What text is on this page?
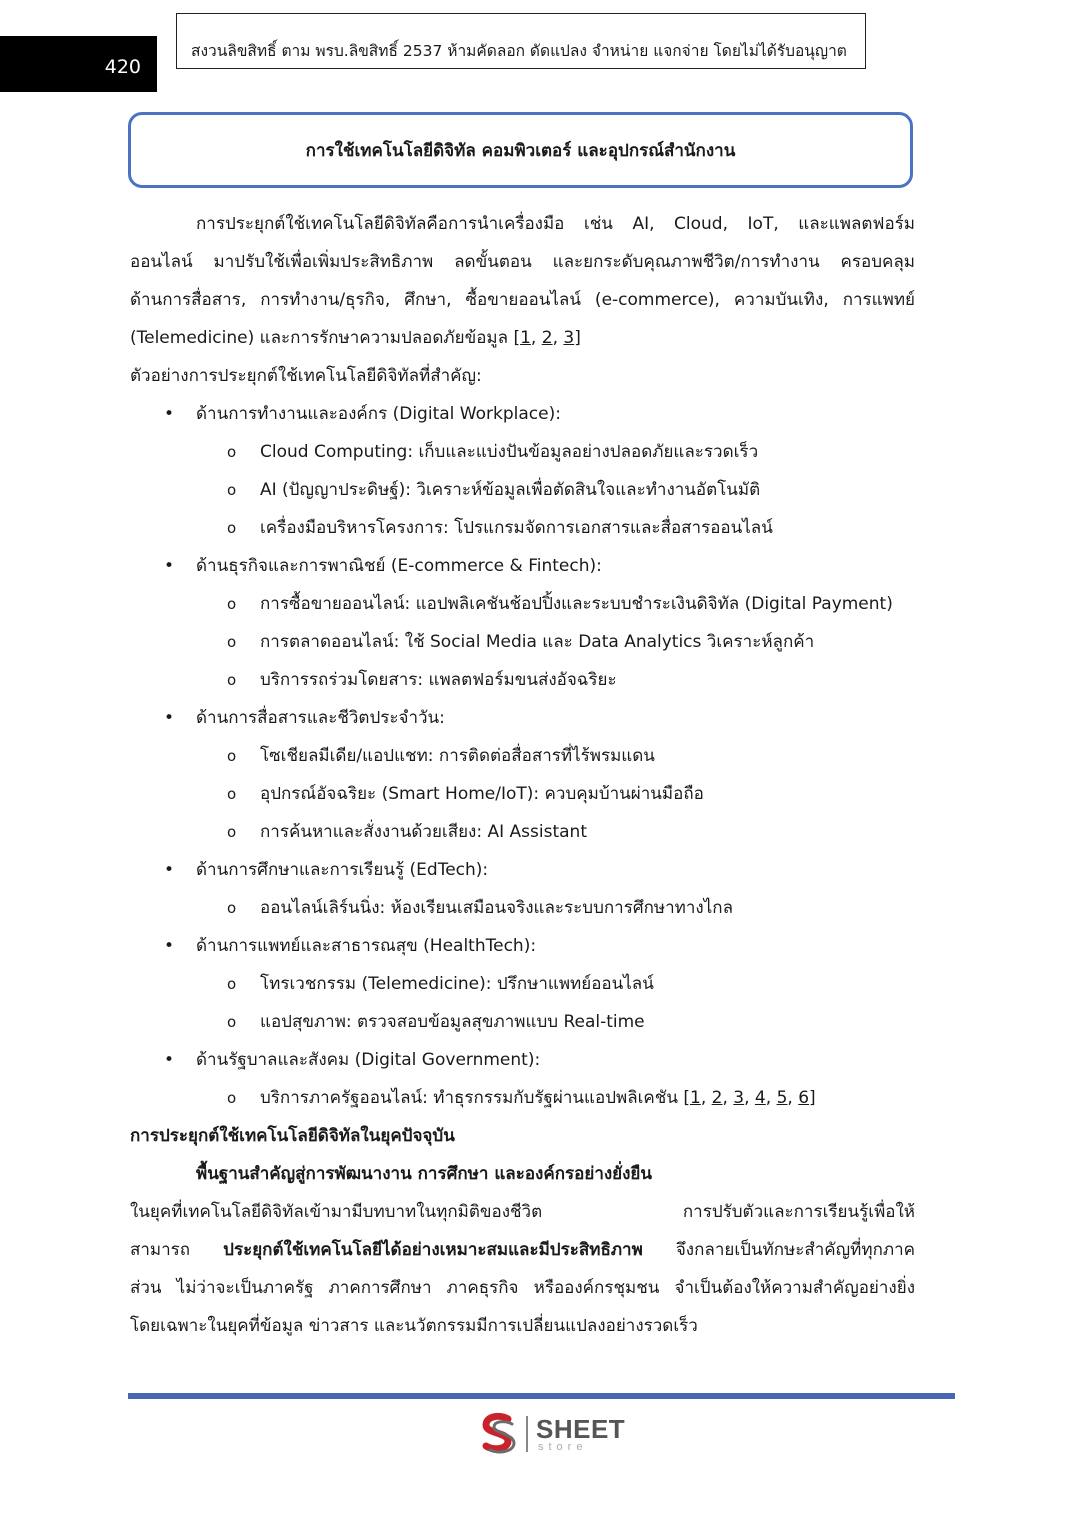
420
สงวนลิขสิทธิ์ ตาม พรบ.ลิขสิทธิ์ 2537 ห้ามคัดลอก ดัดแปลง จำหน่าย แจกจ่าย โดยไม่ได้รับอนุญาต
การใช้เทคโนโลยีดิจิทัล คอมพิวเตอร์ และอุปกรณ์สำนักงาน
การประยุกต์ใช้เทคโนโลยีดิจิทัลคือการนำเครื่องมือ เช่น AI, Cloud, IoT, และแพลตฟอร์ม
ออนไลน์ มาปรับใช้เพื่อเพิ่มประสิทธิภาพ ลดขั้นตอน และยกระดับคุณภาพชีวิต/การทำงาน ครอบคลุม
ด้านการสื่อสาร, การทำงาน/ธุรกิจ, ศึกษา, ซื้อขายออนไลน์ (e-commerce), ความบันเทิง, การแพทย์
(Telemedicine) และการรักษาความปลอดภัยข้อมูล [1, 2, 3]
ตัวอย่างการประยุกต์ใช้เทคโนโลยีดิจิทัลที่สำคัญ:
• ด้านการทำงานและองค์กร (Digital Workplace):
o Cloud Computing: เก็บและแบ่งปันข้อมูลอย่างปลอดภัยและรวดเร็ว
o AI (ปัญญาประดิษฐ์): วิเคราะห์ข้อมูลเพื่อตัดสินใจและทำงานอัตโนมัติ
o เครื่องมือบริหารโครงการ: โปรแกรมจัดการเอกสารและสื่อสารออนไลน์
• ด้านธุรกิจและการพาณิชย์ (E-commerce & Fintech):
o การซื้อขายออนไลน์: แอปพลิเคชันช้อปปิ้งและระบบชำระเงินดิจิทัล (Digital Payment)
o การตลาดออนไลน์: ใช้ Social Media และ Data Analytics วิเคราะห์ลูกค้า
o บริการรถร่วมโดยสาร: แพลตฟอร์มขนส่งอัจฉริยะ
• ด้านการสื่อสารและชีวิตประจำวัน:
o โซเชียลมีเดีย/แอปแชท: การติดต่อสื่อสารที่ไร้พรมแดน
o อุปกรณ์อัจฉริยะ (Smart Home/IoT): ควบคุมบ้านผ่านมือถือ
o การค้นหาและสั่งงานด้วยเสียง: AI Assistant
• ด้านการศึกษาและการเรียนรู้ (EdTech):
o ออนไลน์เลิร์นนิ่ง: ห้องเรียนเสมือนจริงและระบบการศึกษาทางไกล
• ด้านการแพทย์และสาธารณสุข (HealthTech):
o โทรเวชกรรม (Telemedicine): ปรึกษาแพทย์ออนไลน์
o แอปสุขภาพ: ตรวจสอบข้อมูลสุขภาพแบบ Real-time
• ด้านรัฐบาลและสังคม (Digital Government):
o บริการภาครัฐออนไลน์: ทำธุรกรรมกับรัฐผ่านแอปพลิเคชัน [1, 2, 3, 4, 5, 6]
การประยุกต์ใช้เทคโนโลยีดิจิทัลในยุคปัจจุบัน
พื้นฐานสำคัญสู่การพัฒนางาน การศึกษา และองค์กรอย่างยั่งยืน
ในยุคที่เทคโนโลยีดิจิทัลเข้ามามีบทบาทในทุกมิติของชีวิต การปรับตัวและการเรียนรู้เพื่อให้
สามารถ ประยุกต์ใช้เทคโนโลยีได้อย่างเหมาะสมและมีประสิทธิภาพ จึงกลายเป็นทักษะสำคัญที่ทุกภาค
ส่วน ไม่ว่าจะเป็นภาครัฐ ภาคการศึกษา ภาคธุรกิจ หรือองค์กรชุมชน จำเป็นต้องให้ความสำคัญอย่างยิ่ง
โดยเฉพาะในยุคที่ข้อมูล ข่าวสาร และนวัตกรรมมีการเปลี่ยนแปลงอย่างรวดเร็ว
SHEET
store
